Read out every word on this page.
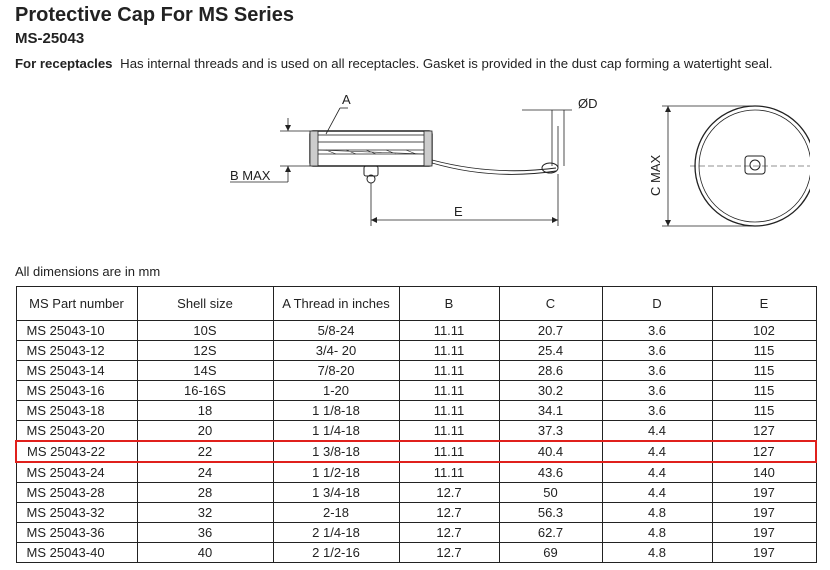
Protective Cap For MS Series
MS-25043
For receptacles Has internal threads and is used on all receptacles. Gasket is provided in the dust cap forming a watertight seal.
A
B MAX
ØD
E
C MAX
All dimensions are in mm
MS Part number	Shell size	A Thread in inches	B	C	D	E
MS 25043-10	10S	5/8-24	11.11	20.7	3.6	102
MS 25043-12	12S	3/4- 20	11.11	25.4	3.6	115
MS 25043-14	14S	7/8-20	11.11	28.6	3.6	115
MS 25043-16	16-16S	1-20	11.11	30.2	3.6	115
MS 25043-18	18	1 1/8-18	11.11	34.1	3.6	115
MS 25043-20	20	1 1/4-18	11.11	37.3	4.4	127
MS 25043-22	22	1 3/8-18	11.11	40.4	4.4	127
MS 25043-24	24	1 1/2-18	11.11	43.6	4.4	140
MS 25043-28	28	1 3/4-18	12.7	50	4.4	197
MS 25043-32	32	2-18	12.7	56.3	4.8	197
MS 25043-36	36	2 1/4-18	12.7	62.7	4.8	197
MS 25043-40	40	2 1/2-16	12.7	69	4.8	197
